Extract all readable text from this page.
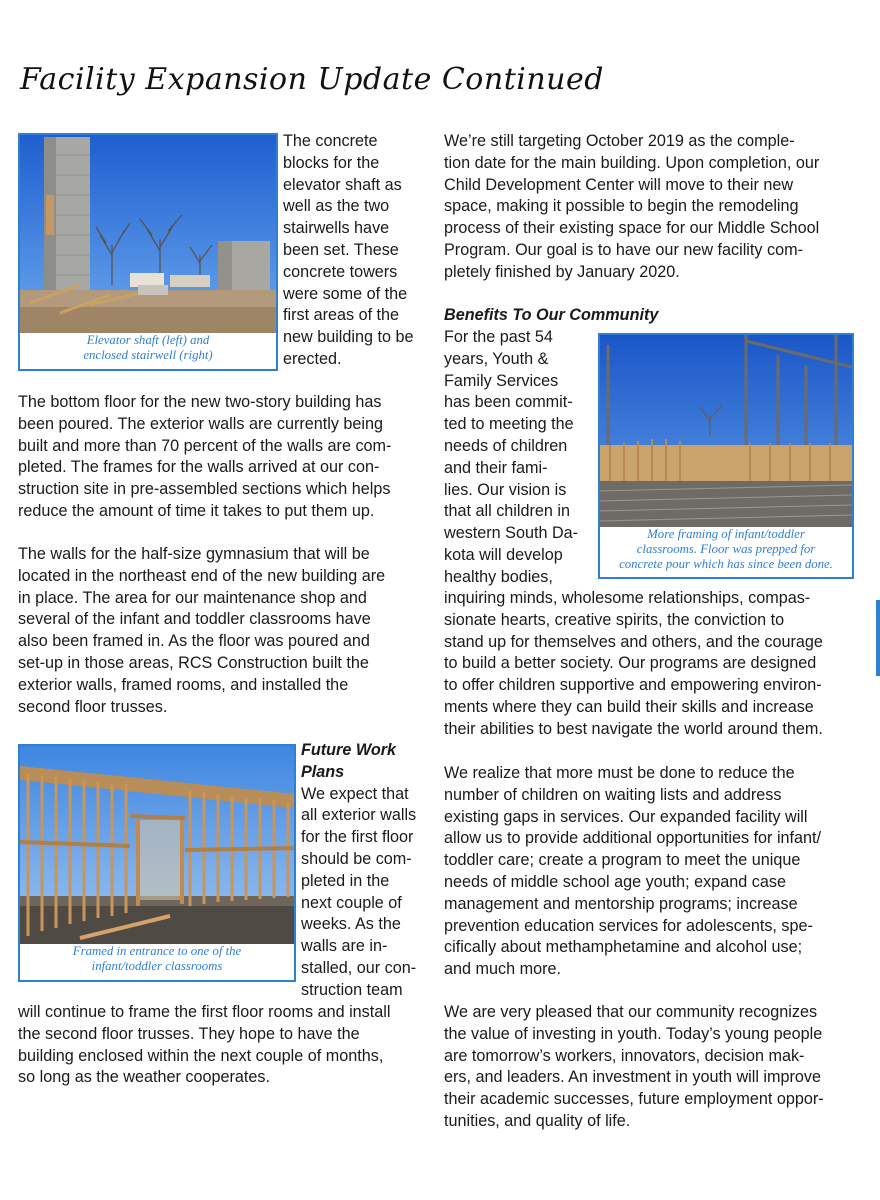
Facility Expansion Update Continued
Elevator shaft (left) and
enclosed stairwell (right)
The concrete
blocks for the
elevator shaft as
well as the two
stairwells have
been set. These
concrete towers
were some of the
first areas of the
new building to be
erected.
The bottom floor for the new two-story building has
been poured. The exterior walls are currently being
built and more than 70 percent of the walls are com-
pleted. The frames for the walls arrived at our con-
struction site in pre-assembled sections which helps
reduce the amount of time it takes to put them up.
The walls for the half-size gymnasium that will be
located in the northeast end of the new building are
in place. The area for our maintenance shop and
several of the infant and toddler classrooms have
also been framed in. As the floor was poured and
set-up in those areas, RCS Construction built the
exterior walls, framed rooms, and installed the
second floor trusses.
Framed in entrance to one of the
infant/toddler classrooms
Future Work
Plans
We expect that
all exterior walls
for the first floor
should be com-
pleted in the
next couple of
weeks. As the
walls are in-
stalled, our con-
struction team
will continue to frame the first floor rooms and install
the second floor trusses. They hope to have the
building enclosed within the next couple of months,
so long as the weather cooperates.
We’re still targeting October 2019 as the comple-
tion date for the main building. Upon completion, our
Child Development Center will move to their new
space, making it possible to begin the remodeling
process of their existing space for our Middle School
Program. Our goal is to have our new facility com-
pletely finished by January 2020.
Benefits To Our Community
More framing of infant/toddler
classrooms. Floor was prepped for
concrete pour which has since been done.
For the past 54
years, Youth &
Family Services
has been commit-
ted to meeting the
needs of children
and their fami-
lies. Our vision is
that all children in
western South Da-
kota will develop
healthy bodies,
inquiring minds, wholesome relationships, compas-
sionate hearts, creative spirits, the conviction to
stand up for themselves and others, and the courage
to build a better society. Our programs are designed
to offer children supportive and empowering environ-
ments where they can build their skills and increase
their abilities to best navigate the world around them.
We realize that more must be done to reduce the
number of children on waiting lists and address
existing gaps in services. Our expanded facility will
allow us to provide additional opportunities for infant/
toddler care; create a program to meet the unique
needs of middle school age youth; expand case
management and mentorship programs; increase
prevention education services for adolescents, spe-
cifically about methamphetamine and alcohol use;
and much more.
We are very pleased that our community recognizes
the value of investing in youth. Today’s young people
are tomorrow’s workers, innovators, decision mak-
ers, and leaders. An investment in youth will improve
their academic successes, future employment oppor-
tunities, and quality of life.
